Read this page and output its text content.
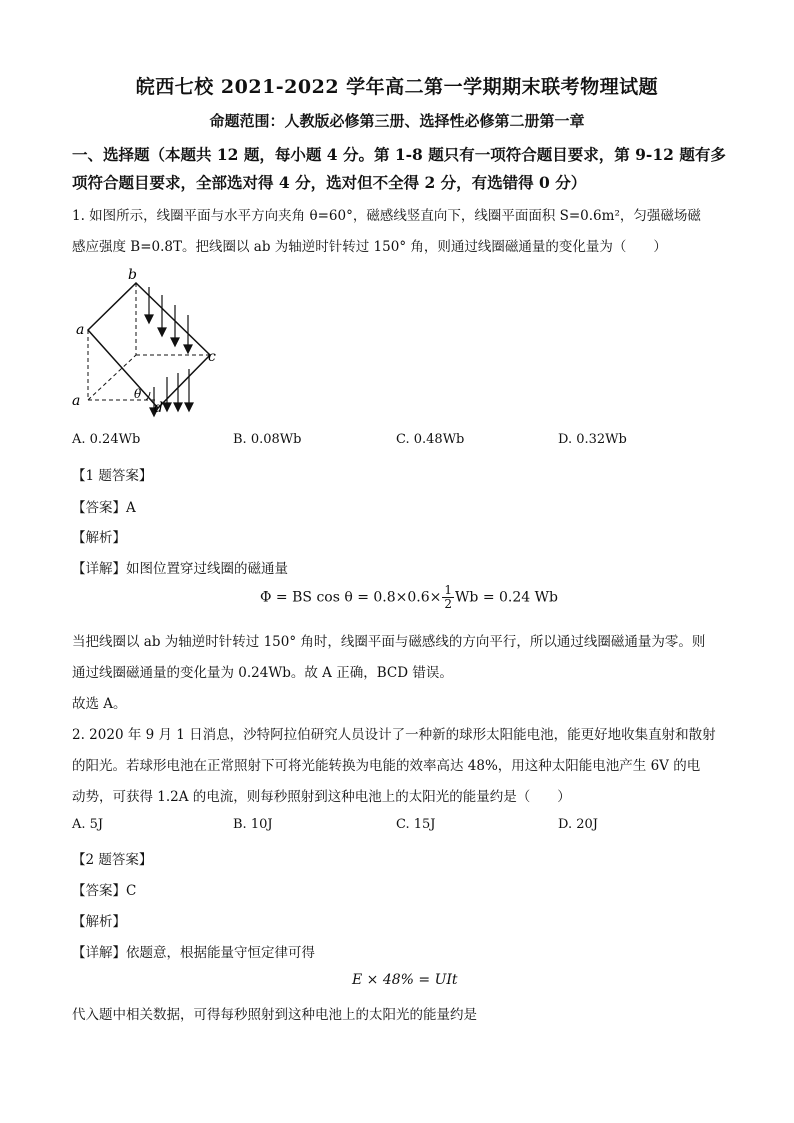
皖西七校 2021-2022 学年高二第一学期期末联考物理试题
命题范围：人教版必修第三册、选择性必修第二册第一章
一、选择题（本题共 12 题，每小题 4 分。第 1-8 题只有一项符合题目要求，第 9-12 题有多
项符合题目要求，全部选对得 4 分，选对但不全得 2 分，有选错得 0 分）
1. 如图所示，线圈平面与水平方向夹角 θ=60°，磁感线竖直向下，线圈平面面积 S=0.6m²，匀强磁场磁
感应强度 B=0.8T。把线圈以 ab 为轴逆时针转过 150° 角，则通过线圈磁通量的变化量为（　　）
b
a
c
a	θ
d
A. 0.24Wb	B. 0.08Wb	C. 0.48Wb	D. 0.32Wb
【1 题答案】
【答案】A
【解析】
【详解】如图位置穿过线圈的磁通量
Φ = BS $\cos \theta = 0.8\times 0.6\times \frac{1}{2}$ Wb = 0.24 Wb
当把线圈以 ab 为轴逆时针转过 150° 角时，线圈平面与磁感线的方向平行，所以通过线圈磁通量为零。则
通过线圈磁通量的变化量为 0.24Wb。故 A 正确，BCD 错误。
故选 A。
2. 2020 年 9 月 1 日消息，沙特阿拉伯研究人员设计了一种新的球形太阳能电池，能更好地收集直射和散射
的阳光。若球形电池在正常照射下可将光能转换为电能的效率高达 48%，用这种太阳能电池产生 6V 的电
动势，可获得 1.2A 的电流，则每秒照射到这种电池上的太阳光的能量约是（　　）
A. 5J	B. 10J	C. 15J	D. 20J
【2 题答案】
【答案】C
【解析】
【详解】依题意，根据能量守恒定律可得
E × 48% = UIt
代入题中相关数据，可得每秒照射到这种电池上的太阳光的能量约是
